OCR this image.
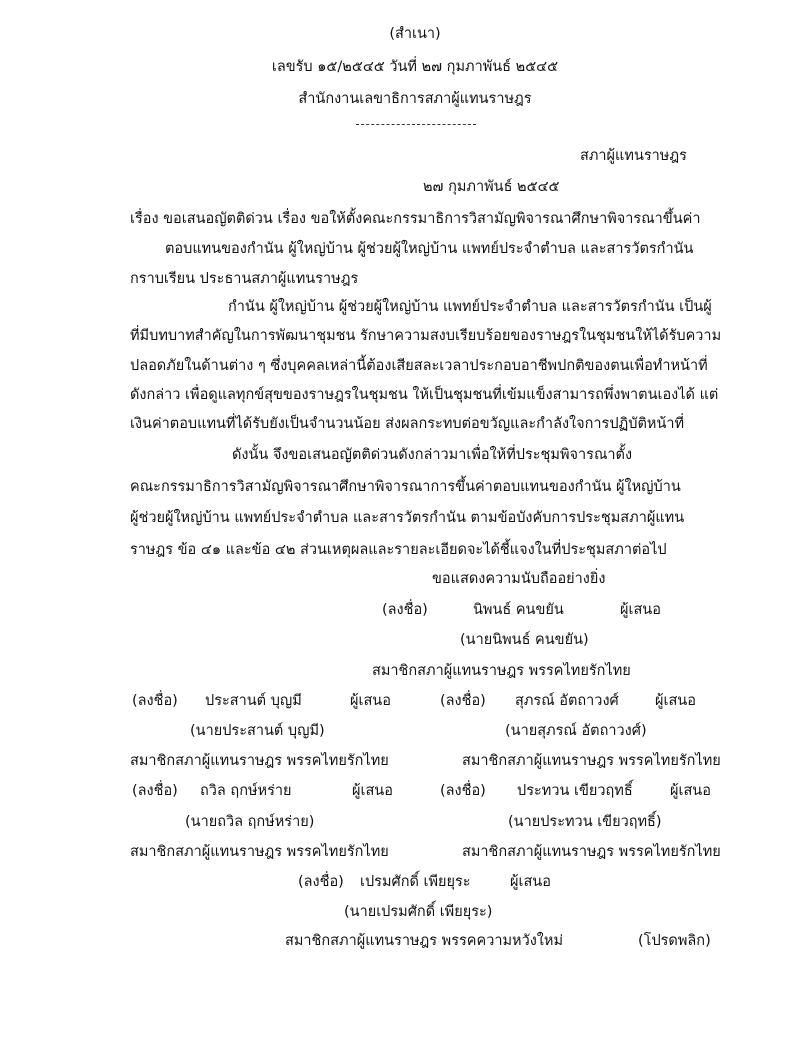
(สำเนา)
เลขรับ ๑๕/๒๕๔๕ วันที่ ๒๗ กุมภาพันธ์ ๒๕๔๕
สำนักงานเลขาธิการสภาผู้แทนราษฎร
สภาผู้แทนราษฎร
๒๗ กุมภาพันธ์ ๒๕๔๕
เรื่อง ขอเสนอญัตติด่วน เรื่อง ขอให้ตั้งคณะกรรมาธิการวิสามัญพิจารณาศึกษาพิจารณาขึ้นค่า
ตอบแทนของกำนัน ผู้ใหญ่บ้าน ผู้ช่วยผู้ใหญ่บ้าน แพทย์ประจำตำบล และสารวัตรกำนัน
กราบเรียน ประธานสภาผู้แทนราษฎร
กำนัน ผู้ใหญ่บ้าน ผู้ช่วยผู้ใหญ่บ้าน แพทย์ประจำตำบล และสารวัตรกำนัน เป็นผู้
ที่มีบทบาทสำคัญในการพัฒนาชุมชน รักษาความสงบเรียบร้อยของราษฎรในชุมชนให้ได้รับความ
ปลอดภัยในด้านต่าง ๆ ซึ่งบุคคลเหล่านี้ต้องเสียสละเวลาประกอบอาชีพปกติของตนเพื่อทำหน้าที่
ดังกล่าว เพื่อดูแลทุกข์สุขของราษฎรในชุมชน ให้เป็นชุมชนที่เข้มแข็งสามารถพึ่งพาตนเองได้ แต่
เงินค่าตอบแทนที่ได้รับยังเป็นจำนวนน้อย ส่งผลกระทบต่อขวัญและกำลังใจการปฏิบัติหน้าที่
ดังนั้น จึงขอเสนอญัตติด่วนดังกล่าวมาเพื่อให้ที่ประชุมพิจารณาตั้ง
คณะกรรมาธิการวิสามัญพิจารณาศึกษาพิจารณาการขึ้นค่าตอบแทนของกำนัน ผู้ใหญ่บ้าน
ผู้ช่วยผู้ใหญ่บ้าน แพทย์ประจำตำบล และสารวัตรกำนัน ตามข้อบังคับการประชุมสภาผู้แทน
ราษฎร ข้อ ๔๑ และข้อ ๔๒ ส่วนเหตุผลและรายละเอียดจะได้ชี้แจงในที่ประชุมสภาต่อไป
ขอแสดงความนับถืออย่างยิ่ง
(ลงชื่อ)	นิพนธ์ คนขยัน	ผู้เสนอ
(นายนิพนธ์ คนขยัน)
สมาชิกสภาผู้แทนราษฎร พรรคไทยรักไทย
(ลงชื่อ) ประสานต์ บุญมี	ผู้เสนอ	(ลงชื่อ) สุภรณ์ อัตถาวงศ์	ผู้เสนอ
(นายประสานต์ บุญมี)	(นายสุภรณ์ อัตถาวงศ์)
สมาชิกสภาผู้แทนราษฎร พรรคไทยรักไทย	สมาชิกสภาผู้แทนราษฎร พรรคไทยรักไทย
(ลงชื่อ) ถวิล ฤกษ์หร่าย	ผู้เสนอ	(ลงชื่อ) ประทวน เขียวฤทธิ์	ผู้เสนอ
(นายถวิล ฤกษ์หร่าย)	(นายประทวน เขียวฤทธิ์)
สมาชิกสภาผู้แทนราษฎร พรรคไทยรักไทย	สมาชิกสภาผู้แทนราษฎร พรรคไทยรักไทย
(ลงชื่อ) เปรมศักดิ์ เพียยุระ	ผู้เสนอ
(นายเปรมศักดิ์ เพียยุระ)
สมาชิกสภาผู้แทนราษฎร พรรคความหวังใหม่	(โปรดพลิก)
